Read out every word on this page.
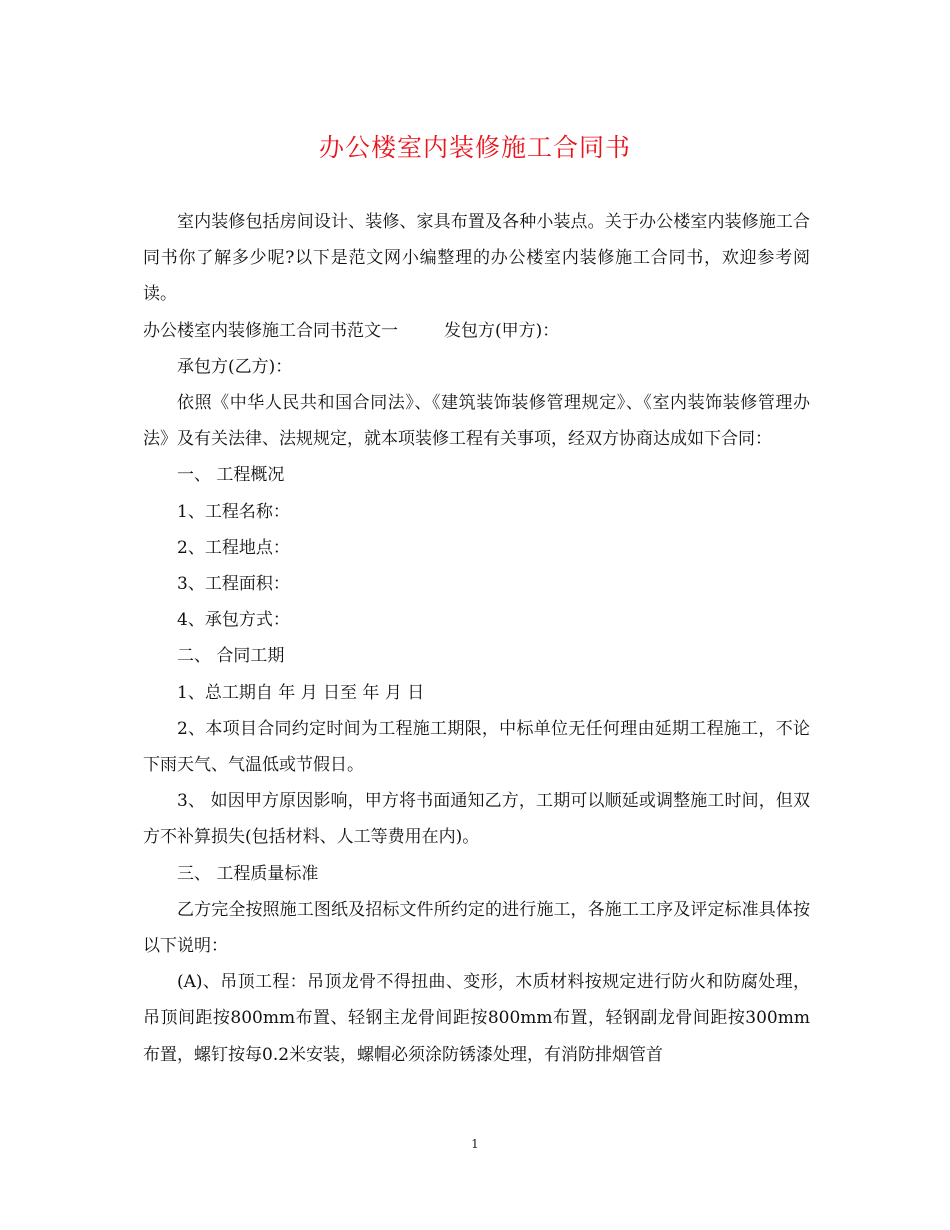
办公楼室内装修施工合同书

室内装修包括房间设计、装修、家具布置及各种小装点。关于办公楼室内装修施工合同书你了解多少呢?以下是范文网小编整理的办公楼室内装修施工合同书，欢迎参考阅读。

办公楼室内装修施工合同书范文一	发包方(甲方)：

承包方(乙方)：

依照《中华人民共和国合同法》、《建筑装饰装修管理规定》、《室内装饰装修管理办法》及有关法律、法规规定，就本项装修工程有关事项，经双方协商达成如下合同：

一、 工程概况

1、工程名称：

2、工程地点：

3、工程面积：

4、承包方式：

二、 合同工期

1、总工期自 年 月 日至 年 月 日

2、本项目合同约定时间为工程施工期限，中标单位无任何理由延期工程施工，不论下雨天气、气温低或节假日。

3、 如因甲方原因影响，甲方将书面通知乙方，工期可以顺延或调整施工时间，但双方不补算损失(包括材料、人工等费用在内)。

三、 工程质量标准

乙方完全按照施工图纸及招标文件所约定的进行施工，各施工工序及评定标准具体按以下说明：

(A)、吊顶工程：吊顶龙骨不得扭曲、变形，木质材料按规定进行防火和防腐处理，吊顶间距按800mm布置、轻钢主龙骨间距按800mm布置，轻钢副龙骨间距按300mm布置，螺钉按每0.2米安装，螺帽必须涂防锈漆处理，有消防排烟管首

1
